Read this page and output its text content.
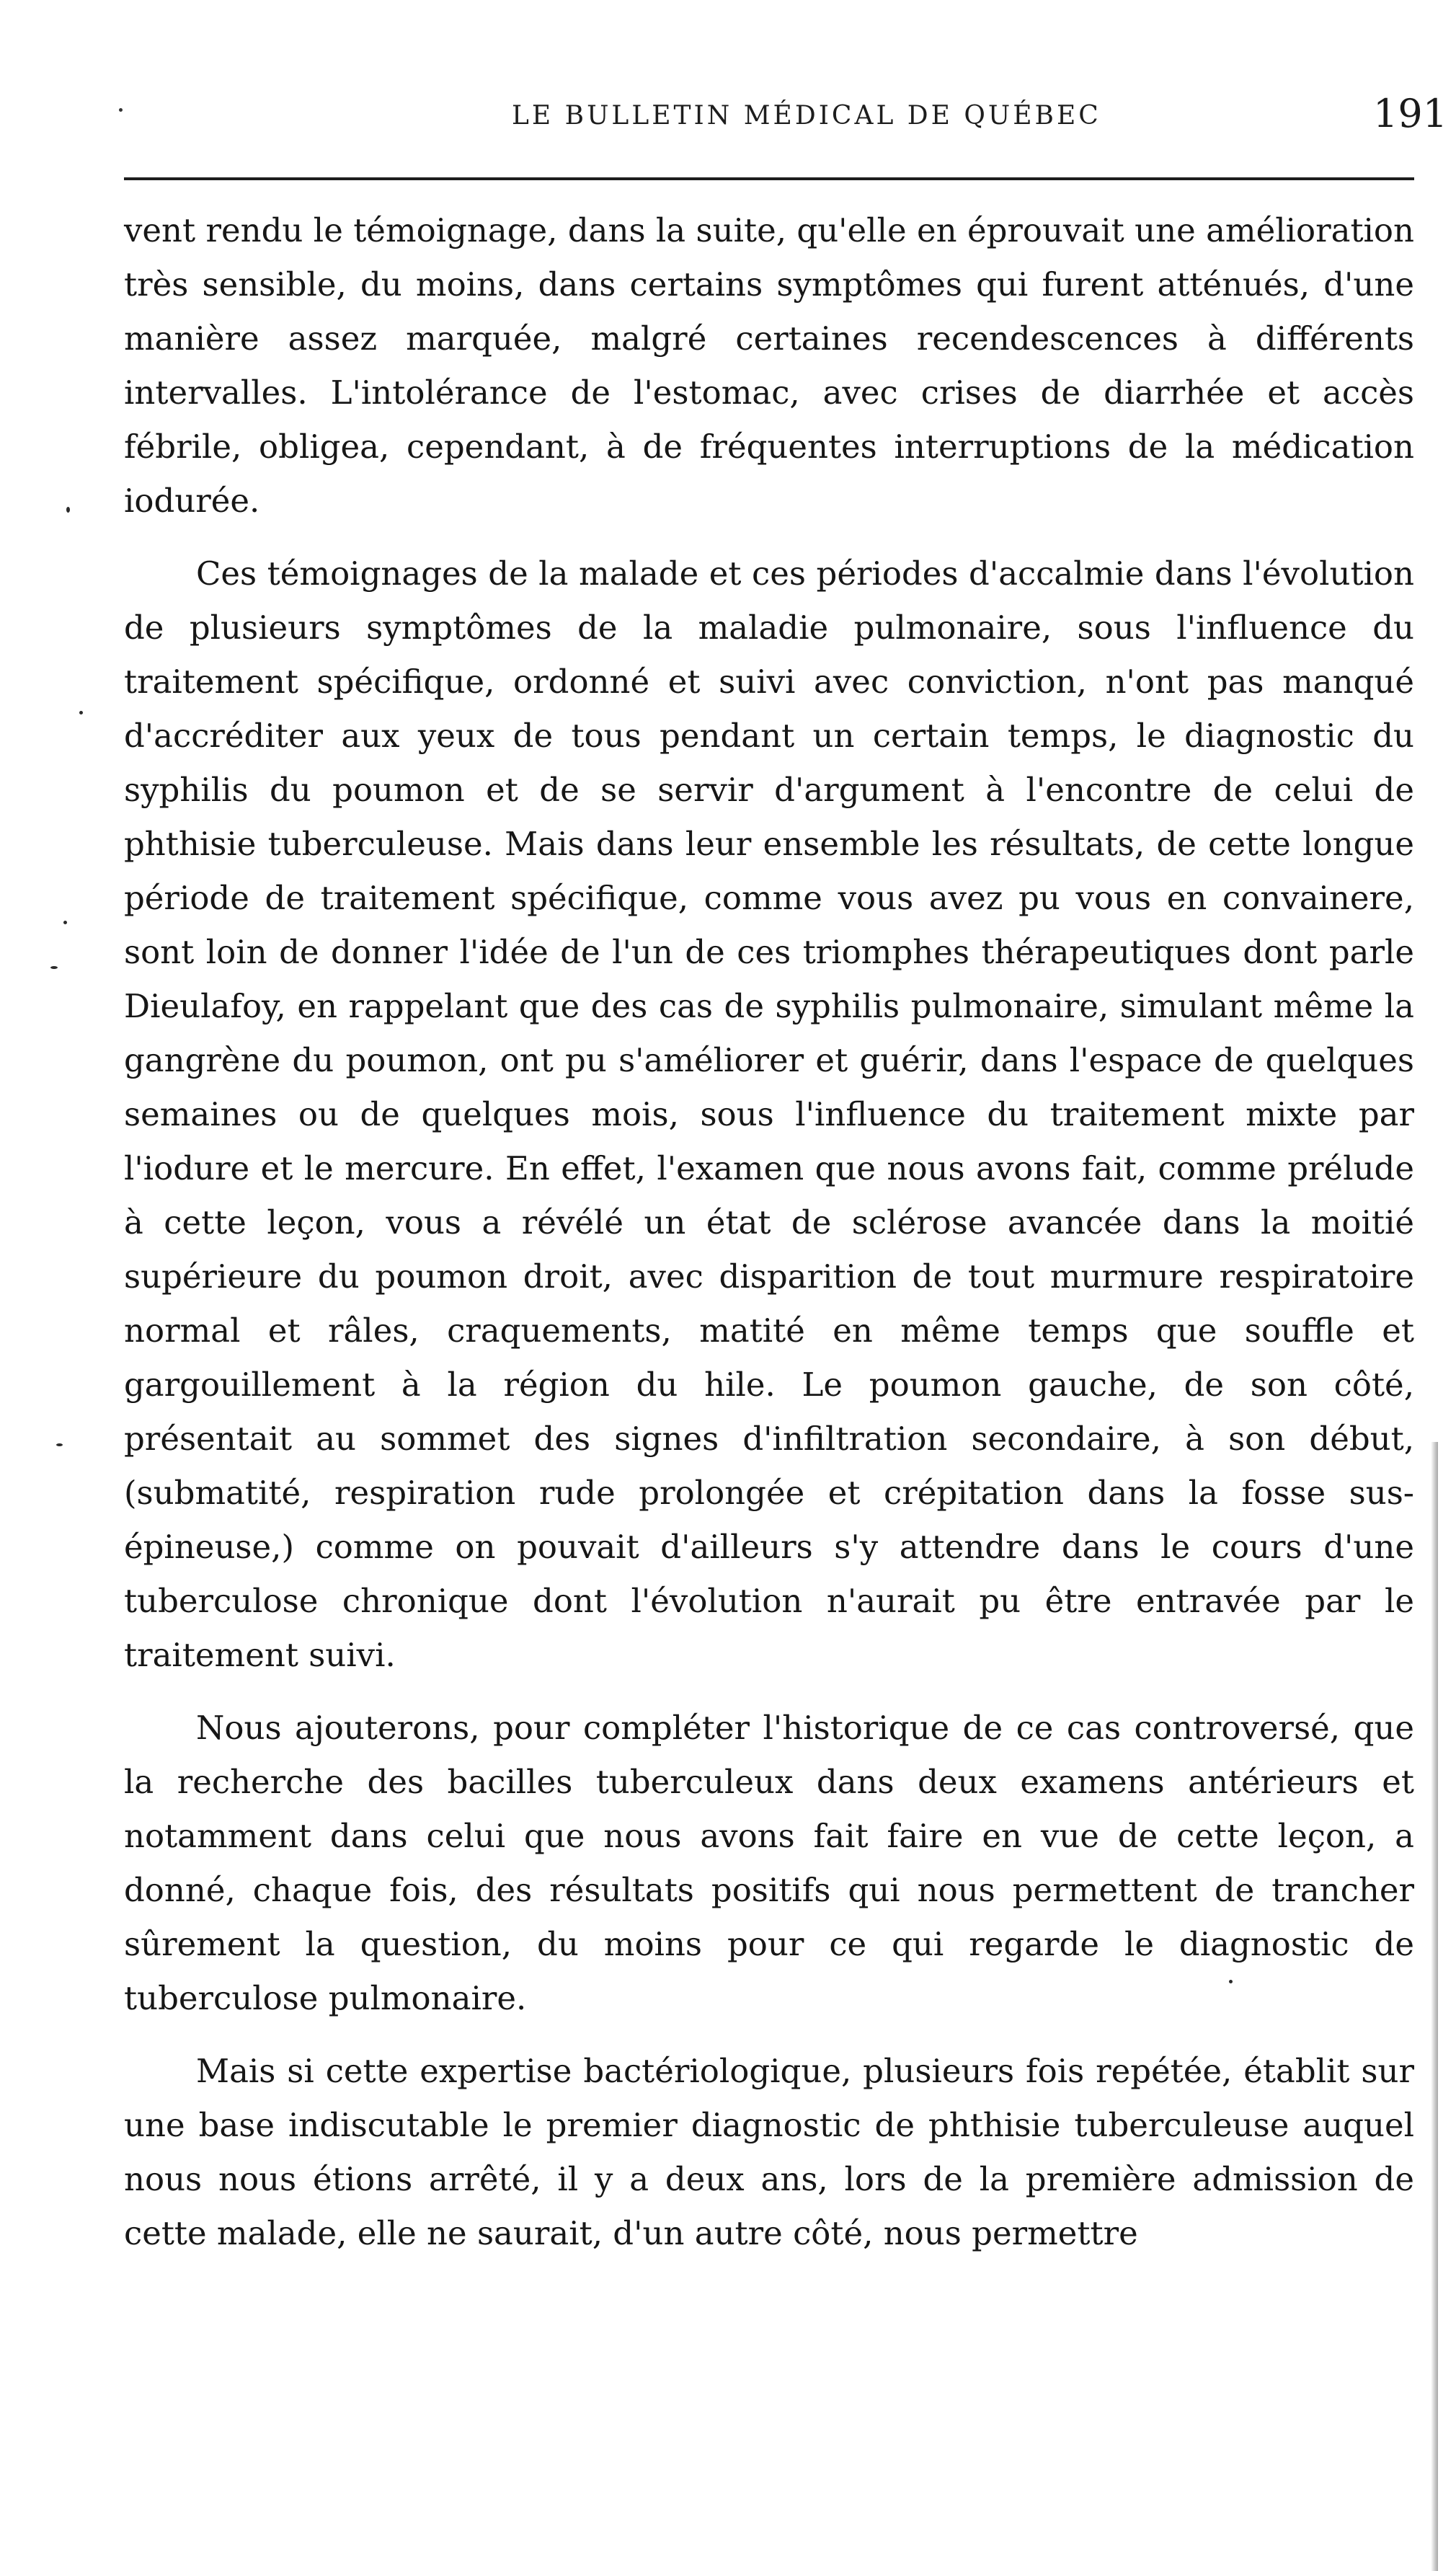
LE BULLETIN MÉDICAL DE QUÉBEC	191

vent rendu le témoignage, dans la suite, qu'elle en éprouvait une amélioration très sensible, du moins, dans certains symptômes qui furent atténués, d'une manière assez marquée, malgré certaines recendescences à différents intervalles. L'intolérance de l'estomac, avec crises de diarrhée et accès fébrile, obligea, cependant, à de fréquentes interruptions de la médication iodurée.

Ces témoignages de la malade et ces périodes d'accalmie dans l'évolution de plusieurs symptômes de la maladie pulmonaire, sous l'influence du traitement spécifique, ordonné et suivi avec conviction, n'ont pas manqué d'accréditer aux yeux de tous pendant un certain temps, le diagnostic du syphilis du poumon et de se servir d'argument à l'encontre de celui de phthisie tuberculeuse. Mais dans leur ensemble les résultats, de cette longue période de traitement spécifique, comme vous avez pu vous en convainere, sont loin de donner l'idée de l'un de ces triomphes thérapeutiques dont parle Dieulafoy, en rappelant que des cas de syphilis pulmonaire, simulant même la gangrène du poumon, ont pu s'améliorer et guérir, dans l'espace de quelques semaines ou de quelques mois, sous l'influence du traitement mixte par l'iodure et le mercure. En effet, l'examen que nous avons fait, comme prélude à cette leçon, vous a révélé un état de sclérose avancée dans la moitié supérieure du poumon droit, avec disparition de tout murmure respiratoire normal et râles, craquements, matité en même temps que souffle et gargouillement à la région du hile. Le poumon gauche, de son côté, présentait au sommet des signes d'infiltration secondaire, à son début, (submatité, respiration rude prolongée et crépitation dans la fosse sus-épineuse,) comme on pouvait d'ailleurs s'y attendre dans le cours d'une tuberculose chronique dont l'évolution n'aurait pu être entravée par le traitement suivi.

Nous ajouterons, pour compléter l'historique de ce cas controversé, que la recherche des bacilles tuberculeux dans deux examens antérieurs et notamment dans celui que nous avons fait faire en vue de cette leçon, a donné, chaque fois, des résultats positifs qui nous permettent de trancher sûrement la question, du moins pour ce qui regarde le diagnostic de tuberculose pulmonaire.

Mais si cette expertise bactériologique, plusieurs fois repétée, établit sur une base indiscutable le premier diagnostic de phthisie tuberculeuse auquel nous nous étions arrêté, il y a deux ans, lors de la première admission de cette malade, elle ne saurait, d'un autre côté, nous permettre
